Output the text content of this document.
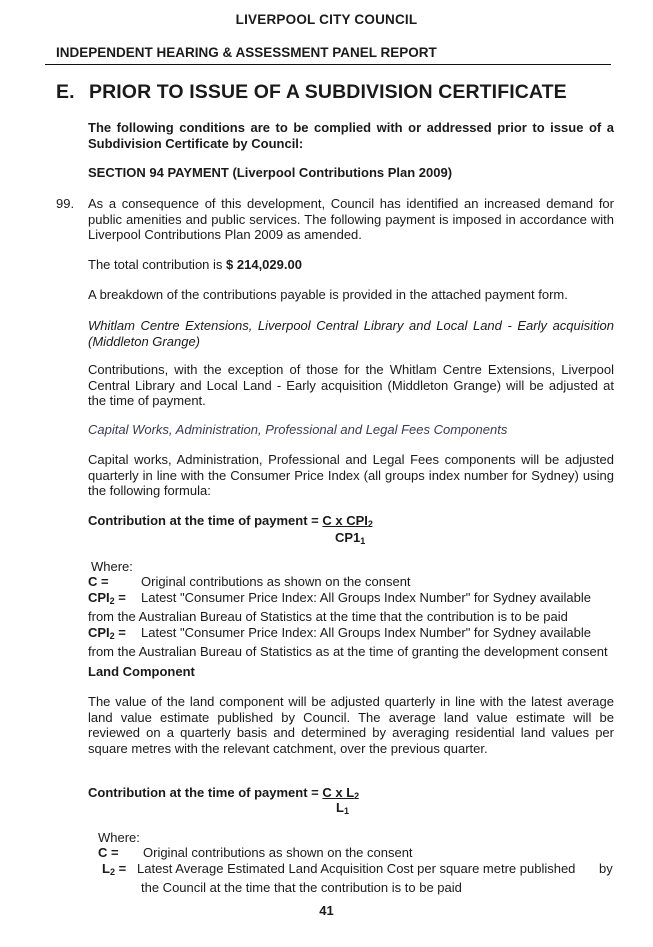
LIVERPOOL CITY COUNCIL
INDEPENDENT HEARING & ASSESSMENT PANEL REPORT
E. PRIOR TO ISSUE OF A SUBDIVISION CERTIFICATE

The following conditions are to be complied with or addressed prior to issue of a Subdivision Certificate by Council:

SECTION 94 PAYMENT (Liverpool Contributions Plan 2009)

99. As a consequence of this development, Council has identified an increased demand for public amenities and public services. The following payment is imposed in accordance with Liverpool Contributions Plan 2009 as amended.

The total contribution is $ 214,029.00

A breakdown of the contributions payable is provided in the attached payment form.

Whitlam Centre Extensions, Liverpool Central Library and Local Land - Early acquisition (Middleton Grange)

Contributions, with the exception of those for the Whitlam Centre Extensions, Liverpool Central Library and Local Land - Early acquisition (Middleton Grange) will be adjusted at the time of payment.

Capital Works, Administration, Professional and Legal Fees Components

Capital works, Administration, Professional and Legal Fees components will be adjusted quarterly in line with the Consumer Price Index (all groups index number for Sydney) using the following formula:

Contribution at the time of payment = C x $CPI_2$
$CP1_1$
Where:
C = Original contributions as shown on the consent
$CPI_2$ = Latest "Consumer Price Index: All Groups Index Number" for Sydney available
from the Australian Bureau of Statistics at the time that the contribution is to be paid
$CPI_2$ = Latest "Consumer Price Index: All Groups Index Number" for Sydney available
from the Australian Bureau of Statistics as at the time of granting the development consent

Land Component

The value of the land component will be adjusted quarterly in line with the latest average land value estimate published by Council. The average land value estimate will be reviewed on a quarterly basis and determined by averaging residential land values per square metres with the relevant catchment, over the previous quarter.

Contribution at the time of payment = C x $L_2$
$L_1$
Where:
C = Original contributions as shown on the consent
$L_2$ = Latest Average Estimated Land Acquisition Cost per square metre published by
the Council at the time that the contribution is to be paid
41
